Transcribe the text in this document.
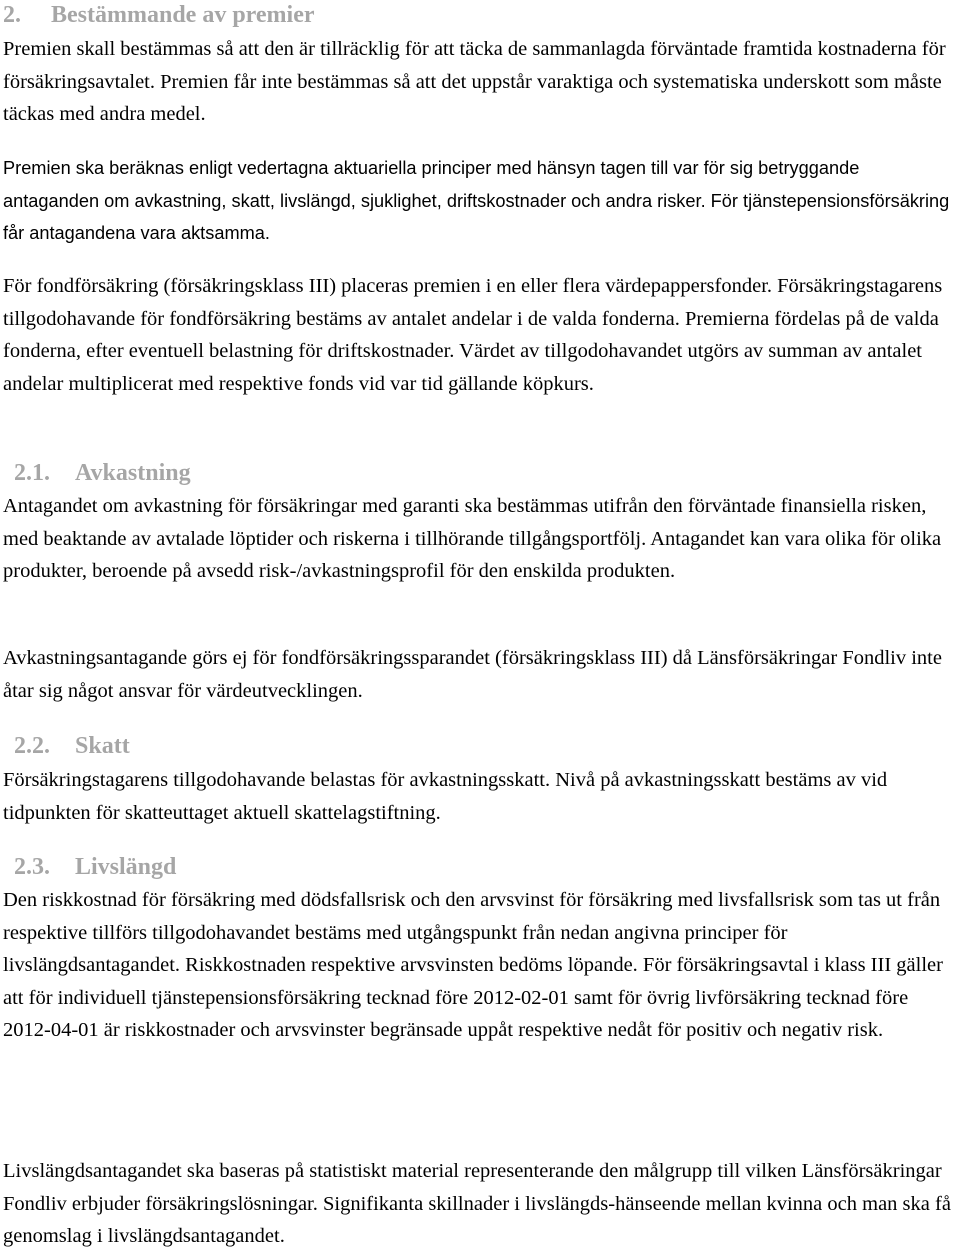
2. Bestämmande av premier

Premien skall bestämmas så att den är tillräcklig för att täcka de sammanlagda förväntade framtida kostnaderna för försäkringsavtalet. Premien får inte bestämmas så att det uppstår varaktiga och systematiska underskott som måste täckas med andra medel.

Premien ska beräknas enligt vedertagna aktuariella principer med hänsyn tagen till var för sig betryggande antaganden om avkastning, skatt, livslängd, sjuklighet, driftskostnader och andra risker. För tjänstepensionsförsäkring får antagandena vara aktsamma.

För fondförsäkring (försäkringsklass III) placeras premien i en eller flera värdepappersfonder. Försäkringstagarens tillgodohavande för fondförsäkring bestäms av antalet andelar i de valda fonderna. Premierna fördelas på de valda fonderna, efter eventuell belastning för driftskostnader. Värdet av tillgodohavandet utgörs av summan av antalet andelar multiplicerat med respektive fonds vid var tid gällande köpkurs.

2.1. Avkastning

Antagandet om avkastning för försäkringar med garanti ska bestämmas utifrån den förväntade finansiella risken, med beaktande av avtalade löptider och riskerna i tillhörande tillgångsportfölj. Antagandet kan vara olika för olika produkter, beroende på avsedd risk-/avkastningsprofil för den enskilda produkten.

Avkastningsantagande görs ej för fondförsäkringssparandet (försäkringsklass III) då Länsförsäkringar Fondliv inte åtar sig något ansvar för värdeutvecklingen.

2.2. Skatt

Försäkringstagarens tillgodohavande belastas för avkastningsskatt. Nivå på avkastningsskatt bestäms av vid tidpunkten för skatteuttaget aktuell skattelagstiftning.

2.3. Livslängd

Den riskkostnad för försäkring med dödsfallsrisk och den arvsvinst för försäkring med livsfallsrisk som tas ut från respektive tillförs tillgodohavandet bestäms med utgångspunkt från nedan angivna principer för livslängdsantagandet. Riskkostnaden respektive arvsvinsten bedöms löpande. För försäkringsavtal i klass III gäller att för individuell tjänstepensionsförsäkring tecknad före 2012-02-01 samt för övrig livförsäkring tecknad före 2012-04-01 är riskkostnader och arvsvinster begränsade uppåt respektive nedåt för positiv och negativ risk.

Livslängdsantagandet ska baseras på statistiskt material representerande den målgrupp till vilken Länsförsäkringar Fondliv erbjuder försäkringslösningar. Signifikanta skillnader i livslängds-hänseende mellan kvinna och man ska få genomslag i livslängdsantagandet.
